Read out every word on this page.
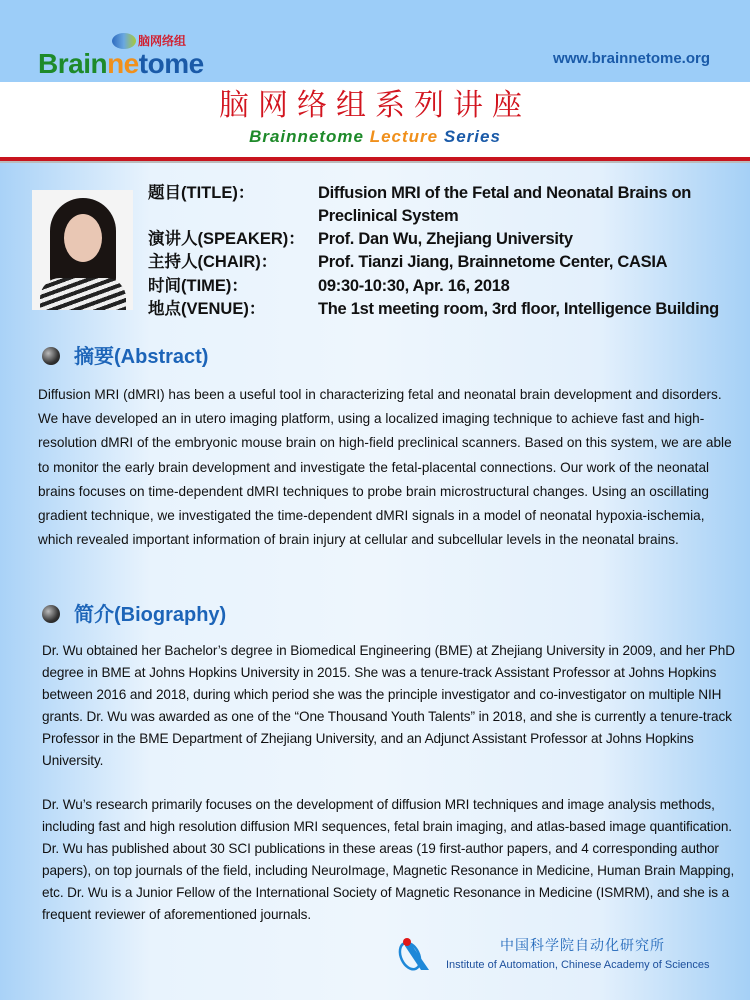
脑网络组
Brainnetome	www.brainnetome.org
脑网络组系列讲座
Brainnetome Lecture Series
题目(TITLE)：	Diffusion MRI of the Fetal and Neonatal Brains on
Preclinical System
演讲人(SPEAKER)： Prof. Dan Wu, Zhejiang University
主持人(CHAIR)： Prof. Tianzi Jiang, Brainnetome Center, CASIA
时间(TIME)：	09:30-10:30, Apr. 16, 2018
地点(VENUE)：	The 1st meeting room, 3rd floor, Intelligence Building
摘要(Abstract)
Diffusion MRI (dMRI) has been a useful tool in characterizing fetal and neonatal brain development and disorders. We have developed an in utero imaging platform, using a localized imaging technique to achieve fast and high-resolution dMRI of the embryonic mouse brain on high-field preclinical scanners. Based on this system, we are able to monitor the early brain development and investigate the fetal-placental connections. Our work of the neonatal brains focuses on time-dependent dMRI techniques to probe brain microstructural changes. Using an oscillating gradient technique, we investigated the time-dependent dMRI signals in a model of neonatal hypoxia-ischemia, which revealed important information of brain injury at cellular and subcellular levels in the neonatal brains.
简介(Biography)
Dr. Wu obtained her Bachelor’s degree in Biomedical Engineering (BME) at Zhejiang University in 2009, and her PhD degree in BME at Johns Hopkins University in 2015. She was a tenure-track Assistant Professor at Johns Hopkins between 2016 and 2018, during which period she was the principle investigator and co-investigator on multiple NIH grants. Dr. Wu was awarded as one of the “One Thousand Youth Talents” in 2018, and she is currently a tenure-track Professor in the BME Department of Zhejiang University, and an Adjunct Assistant Professor at Johns Hopkins University.
Dr. Wu’s research primarily focuses on the development of diffusion MRI techniques and image analysis methods, including fast and high resolution diffusion MRI sequences, fetal brain imaging, and atlas-based image quantification. Dr. Wu has published about 30 SCI publications in these areas (19 first-author papers, and 4 corresponding author papers), on top journals of the field, including NeuroImage, Magnetic Resonance in Medicine, Human Brain Mapping, etc. Dr. Wu is a Junior Fellow of the International Society of Magnetic Resonance in Medicine (ISMRM), and she is a frequent reviewer of aforementioned journals.
中国科学院自动化研究所
Institute of Automation, Chinese Academy of Sciences
